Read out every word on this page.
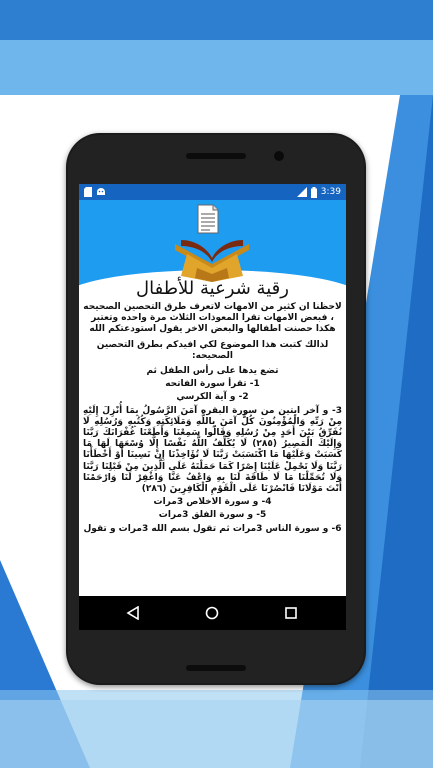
3:39
رقية شرعية للأطفال

لاحظنا ان كثير من الامهات لاتعرف طرق التحصين الصحيحه ، فبعض الامهات تقرا المعوذات الثلاث مرة واحده وتعتبر هكذا حصنت اطفالها والبعض الاخر يقول استودعتكم الله

لذالك كتبت هذا الموضوع لكي افيدكم بطرق التحصين الصحيحه:

تضع يدها على رأس الطفل ثم

1- تقرأ سورة الفاتحه

2- و آية الكرسي

3- و آخر ايتين من سورة البقره آمَنَ الرَّسُولُ بِمَا أُنْزِلَ إِلَيْهِ مِنْ رَبِّهِ وَالْمُؤْمِنُونَ كُلٌّ آمَنَ بِاللَّهِ وَمَلَائِكَتِهِ وَكُتُبِهِ وَرُسُلِهِ لَا نُفَرِّقُ بَيْنَ أَحَدٍ مِنْ رُسُلِهِ وَقَالُوا سَمِعْنَا وَأَطَعْنَا غُفْرَانَكَ رَبَّنَا وَإِلَيْكَ الْمَصِيرُ (٢٨٥) لَا يُكَلِّفُ اللَّهُ نَفْسًا إِلَّا وُسْعَهَا لَهَا مَا كَسَبَتْ وَعَلَيْهَا مَا اكْتَسَبَتْ رَبَّنَا لَا تُؤَاخِذْنَا إِنْ نَسِينَا أَوْ أَخْطَأْنَا رَبَّنَا وَلَا تَحْمِلْ عَلَيْنَا إِصْرًا كَمَا حَمَلْتَهُ عَلَى الَّذِينَ مِنْ قَبْلِنَا رَبَّنَا وَلَا تُحَمِّلْنَا مَا لَا طَاقَةَ لَنَا بِهِ وَاعْفُ عَنَّا وَاغْفِرْ لَنَا وَارْحَمْنَا أَنْتَ مَوْلَانَا فَانْصُرْنَا عَلَى الْقَوْمِ الْكَافِرِينَ (٢٨٦)

4- و سورة الاخلاص 3مرات

5- و سورة الفلق 3مرات

6- و سورة الناس 3مرات ثم تقول بسم الله 3مرات و تقول
